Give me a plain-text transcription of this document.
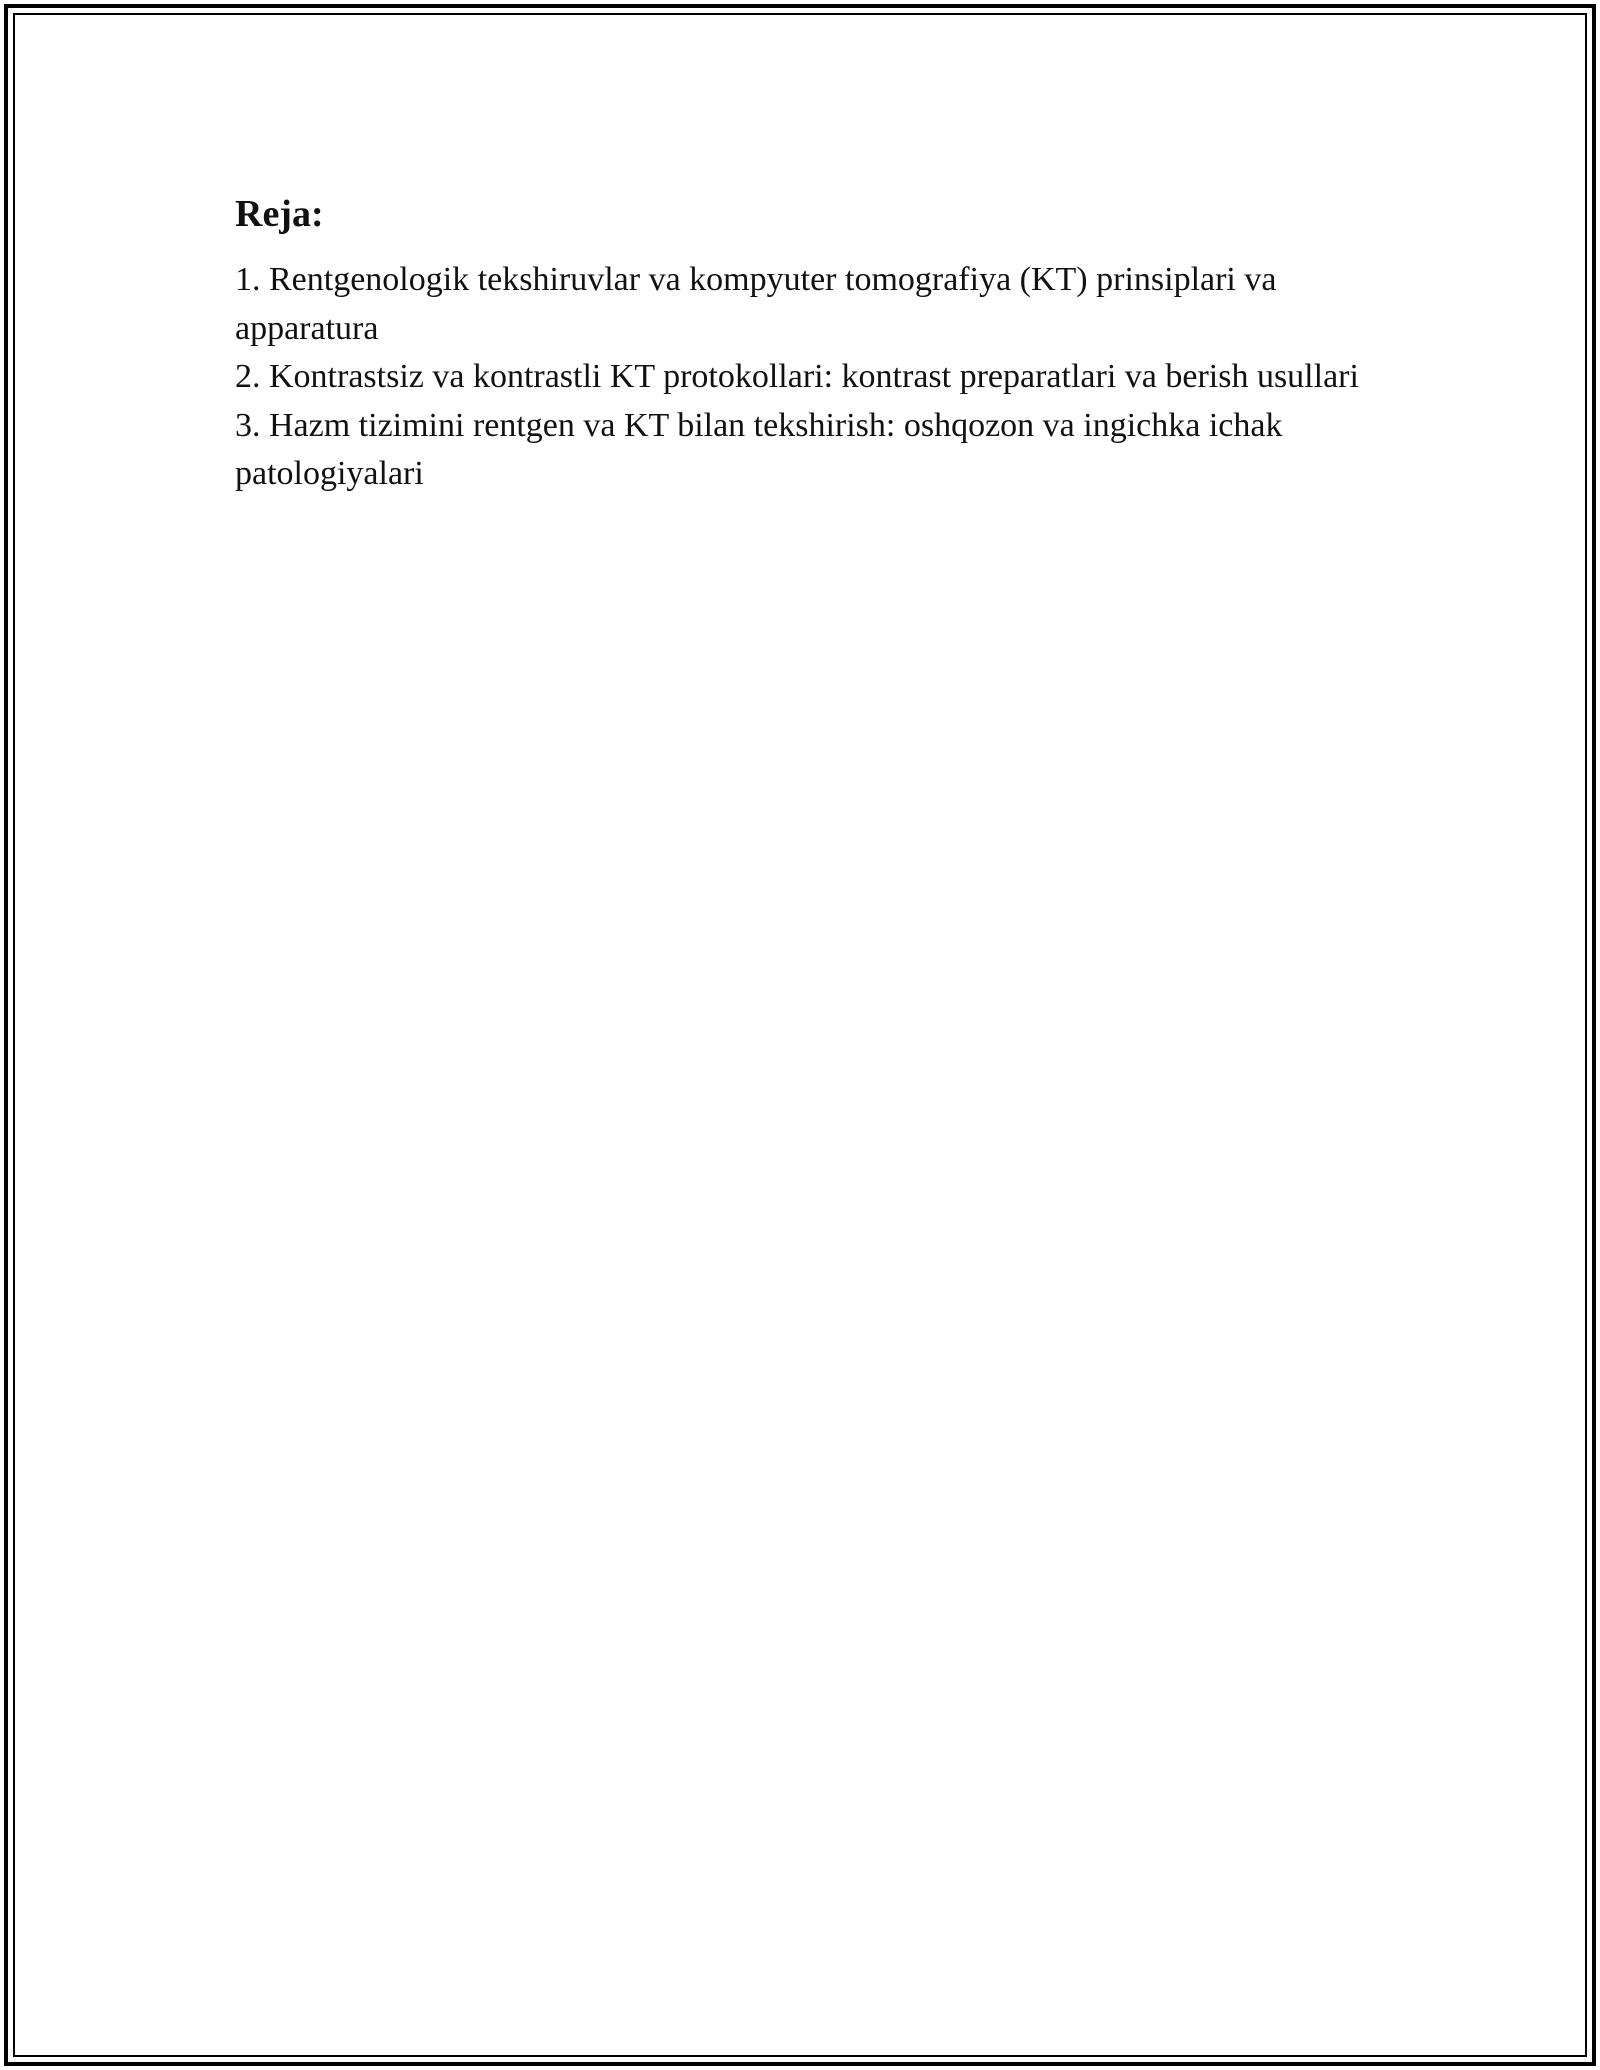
Reja:
1. Rentgenologik tekshiruvlar va kompyuter tomografiya (KT) prinsiplari va apparatura
2. Kontrastsiz va kontrastli KT protokollari: kontrast preparatlari va berish usullari
3. Hazm tizimini rentgen va KT bilan tekshirish: oshqozon va ingichka ichak patologiyalari
